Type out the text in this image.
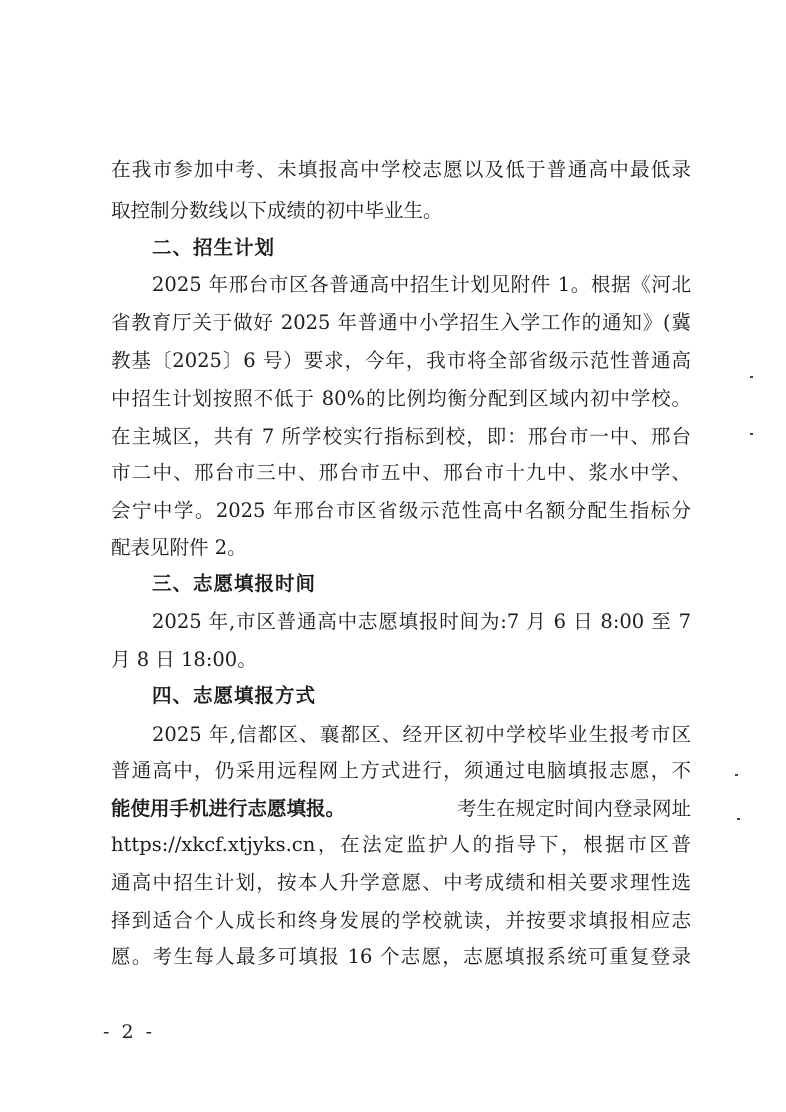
在我市参加中考、未填报高中学校志愿以及低于普通高中最低录
取控制分数线以下成绩的初中毕业生。
二、招生计划
2025 年邢台市区各普通高中招生计划见附件 1。根据《河北
省教育厅关于做好 2025 年普通中小学招生入学工作的通知》(冀
教基〔2025〕6 号）要求，今年，我市将全部省级示范性普通高
中招生计划按照不低于 80%的比例均衡分配到区域内初中学校。
在主城区，共有 7 所学校实行指标到校，即：邢台市一中、邢台
市二中、邢台市三中、邢台市五中、邢台市十九中、浆水中学、
会宁中学。2025 年邢台市区省级示范性高中名额分配生指标分
配表见附件 2。
三、志愿填报时间
2025 年,市区普通高中志愿填报时间为:7 月 6 日 8:00 至 7
月 8 日 18:00。
四、志愿填报方式
2025 年,信都区、襄都区、经开区初中学校毕业生报考市区
普通高中，仍采用远程网上方式进行，须通过电脑填报志愿，不
能使用手机进行志愿填报。	考生在规定时间内登录网址
https://xkcf.xtjyks.cn，在法定监护人的指导下，根据市区普
通高中招生计划，按本人升学意愿、中考成绩和相关要求理性选
择到适合个人成长和终身发展的学校就读，并按要求填报相应志
愿。考生每人最多可填报 16 个志愿，志愿填报系统可重复登录
- 2 -
